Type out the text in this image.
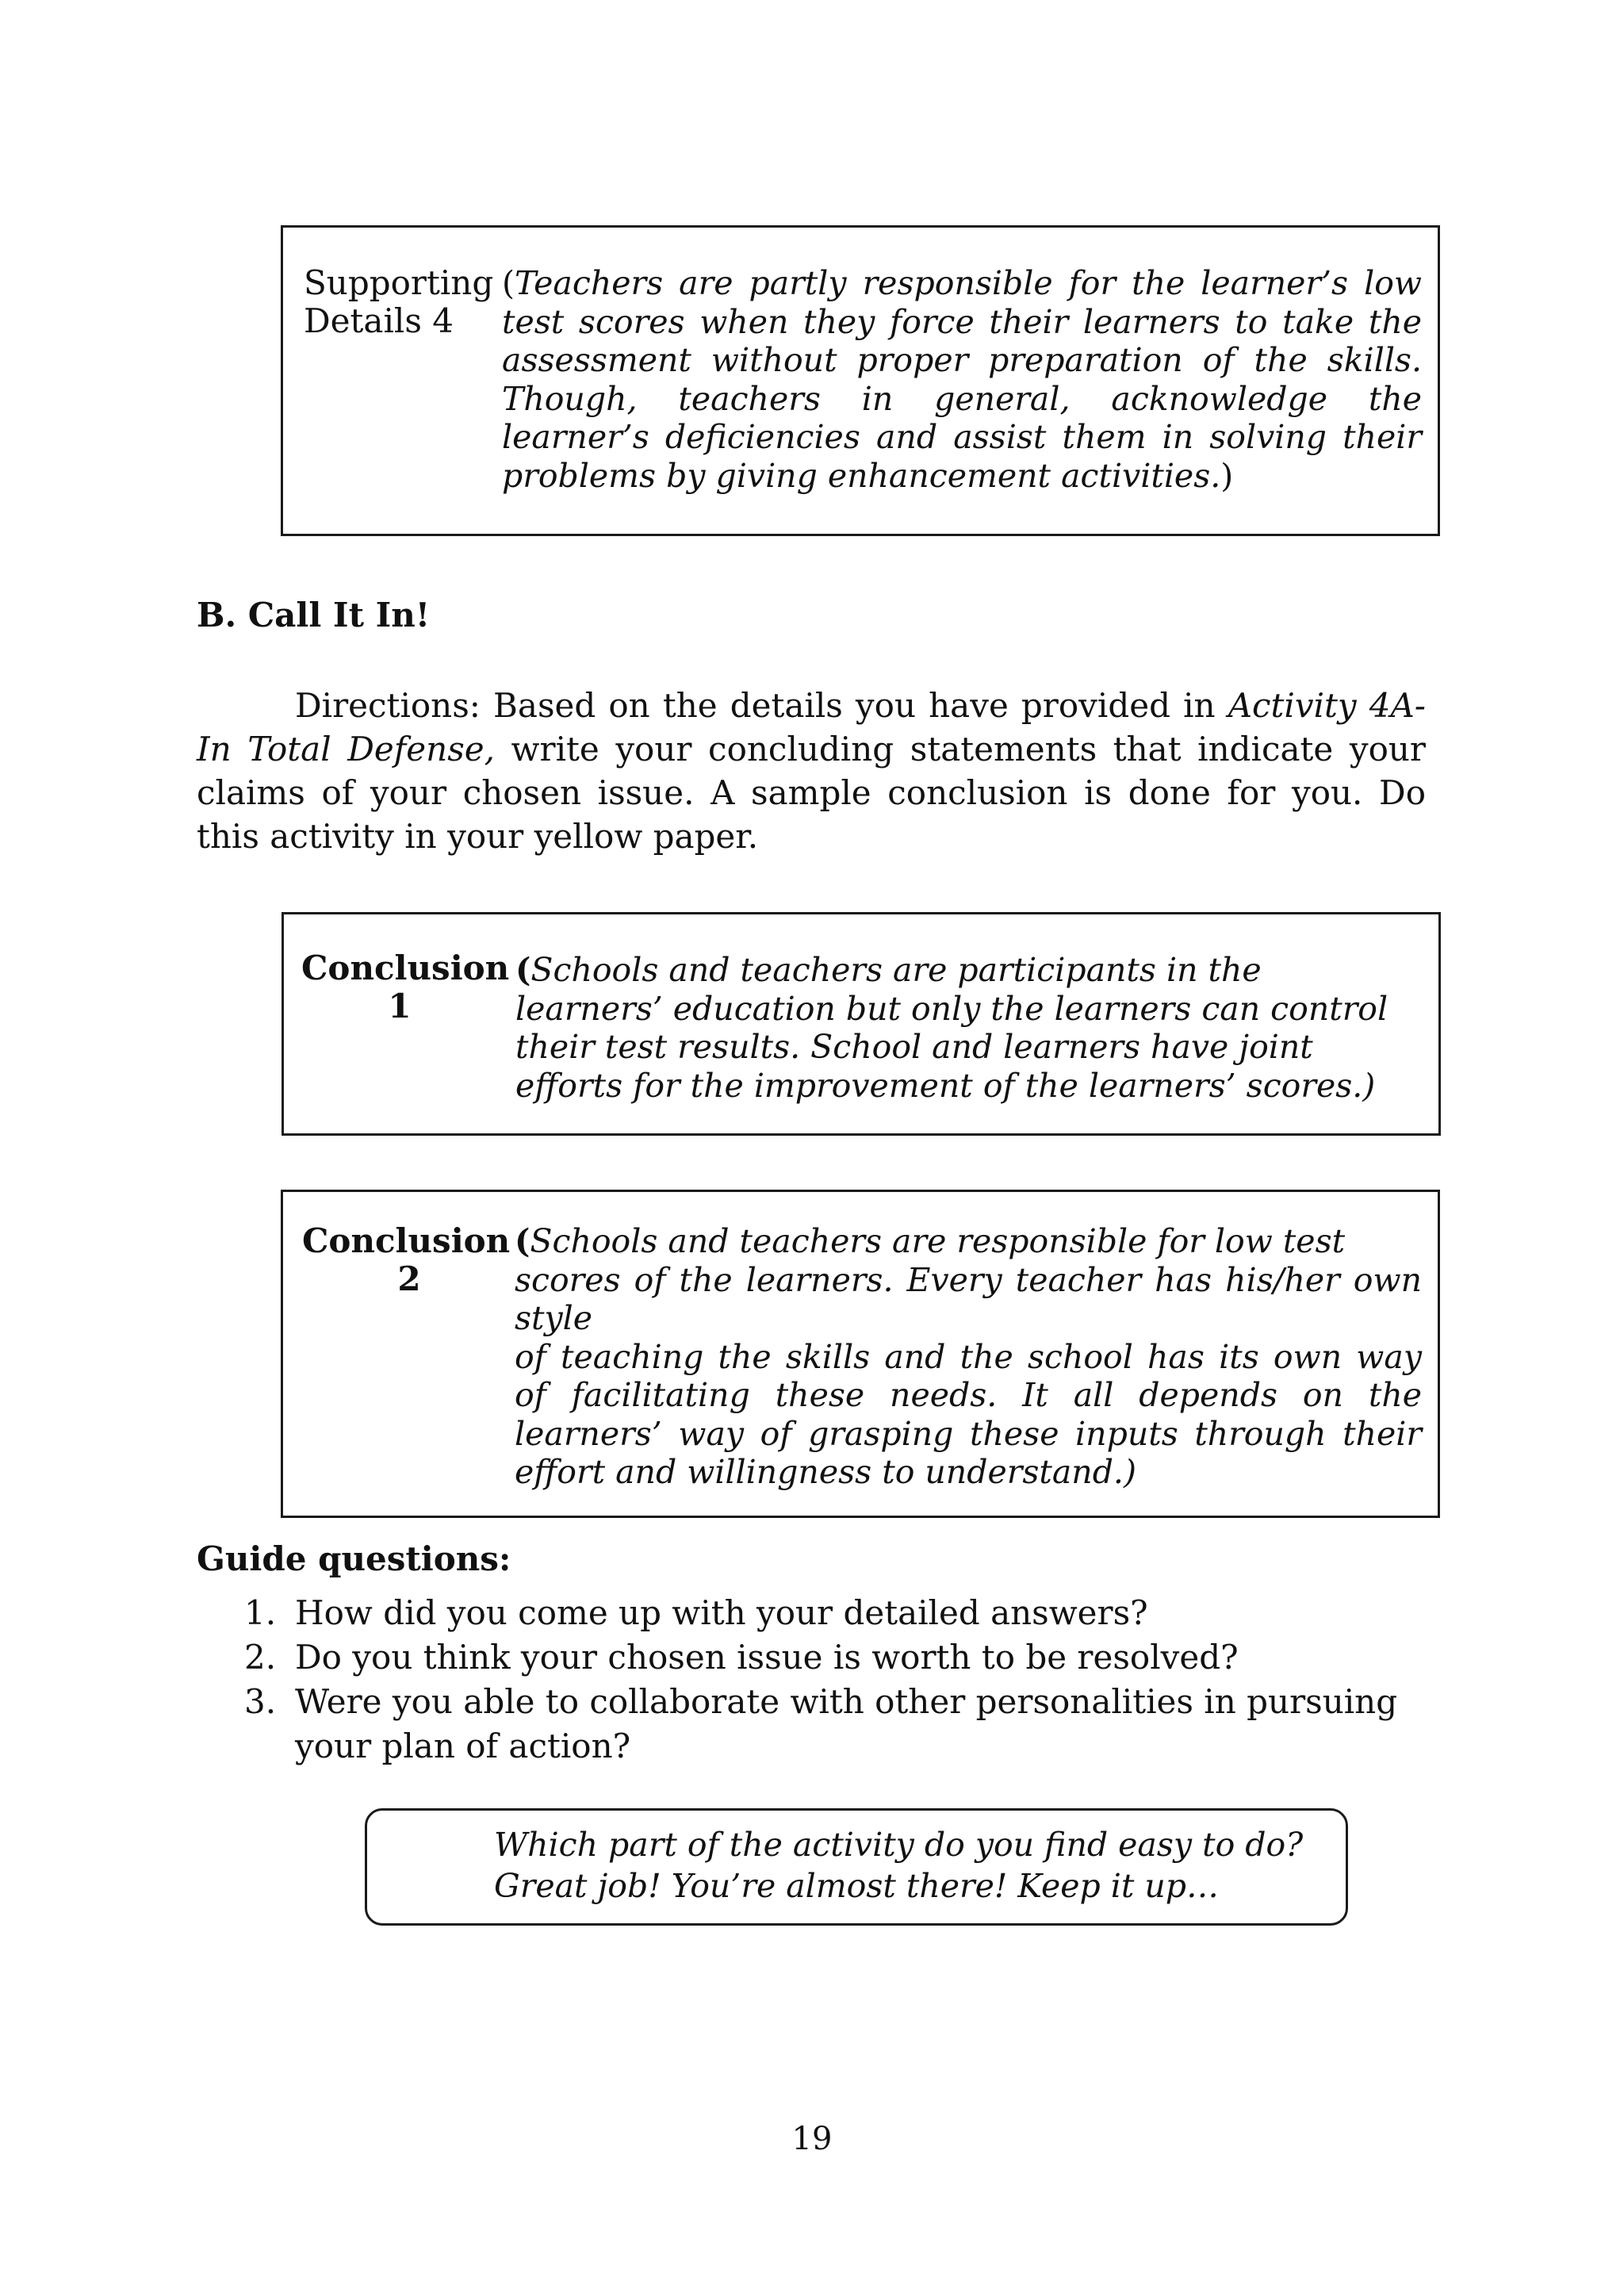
Supporting
Details 4
(Teachers are partly responsible for the learner’s low test scores when they force their learners to take the assessment without proper preparation of the skills. Though, teachers in general, acknowledge the learner’s deficiencies and assist them in solving their problems by giving enhancement activities.)
B. Call It In!
Directions: Based on the details you have provided in Activity 4A- In Total Defense, write your concluding statements that indicate your claims of your chosen issue. A sample conclusion is done for you. Do this activity in your yellow paper.
Conclusion
1
(Schools and teachers are participants in the learners’ education but only the learners can control their test results. School and learners have joint efforts for the improvement of the learners’ scores.)
Conclusion
2
(Schools and teachers are responsible for low test
scores of the learners. Every teacher has his/her own style
of teaching the skills and the school has its own way of facilitating these needs. It all depends on the learners’ way of grasping these inputs through their effort and willingness to understand.)
Guide questions:
1. How did you come up with your detailed answers?
2. Do you think your chosen issue is worth to be resolved?
3. Were you able to collaborate with other personalities in pursuing your plan of action?
Which part of the activity do you find easy to do?
Great job! You’re almost there! Keep it up…
19
